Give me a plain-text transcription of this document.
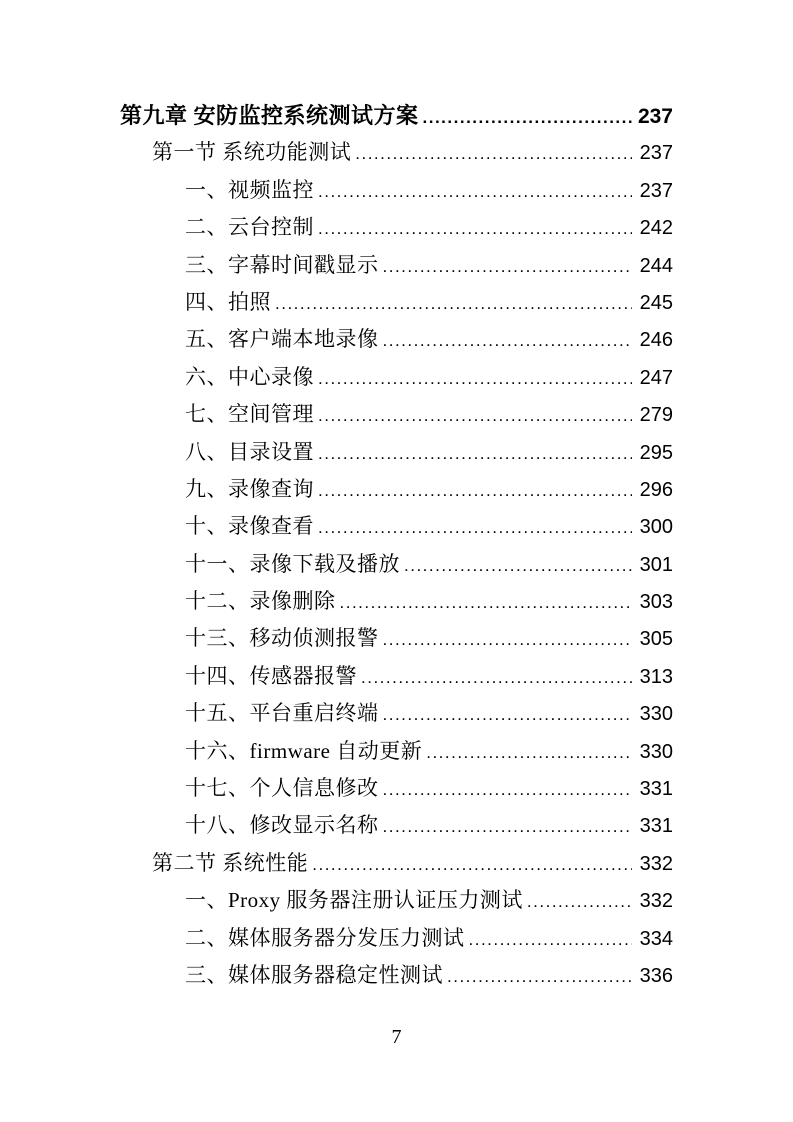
第九章 安防监控系统测试方案 .....	237
第一节 系统功能测试 .....	237
一、视频监控 .....	237
二、云台控制 .....	242
三、字幕时间戳显示 .....	244
四、拍照 .....	245
五、客户端本地录像 .....	246
六、中心录像 .....	247
七、空间管理 .....	279
八、目录设置 .....	295
九、录像查询 .....	296
十、录像查看 .....	300
十一、录像下载及播放 .....	301
十二、录像删除 .....	303
十三、移动侦测报警 .....	305
十四、传感器报警 .....	313
十五、平台重启终端 .....	330
十六、firmware 自动更新 .....	330
十七、个人信息修改 .....	331
十八、修改显示名称 .....	331
第二节 系统性能 .....	332
一、Proxy 服务器注册认证压力测试 .....	332
二、媒体服务器分发压力测试 .....	334
三、媒体服务器稳定性测试 .....	336
7
